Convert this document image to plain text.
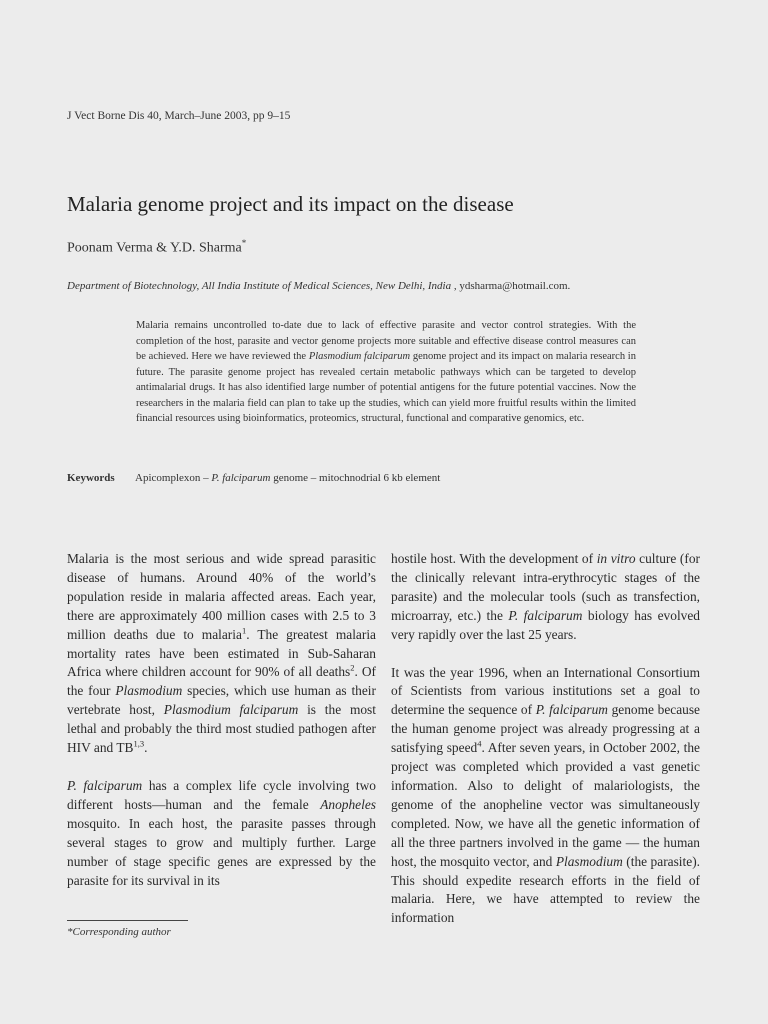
J Vect Borne Dis 40, March–June 2003, pp 9–15
Malaria genome project and its impact on the disease
Poonam Verma & Y.D. Sharma*
Department of Biotechnology, All India Institute of Medical Sciences, New Delhi, India , ydsharma@hotmail.com.
Malaria remains uncontrolled to-date due to lack of effective parasite and vector control strategies. With the completion of the host, parasite and vector genome projects more suitable and effective disease control measures can be achieved. Here we have reviewed the Plasmodium falciparum genome project and its impact on malaria research in future. The parasite genome project has revealed certain metabolic pathways which can be targeted to develop antimalarial drugs. It has also identified large number of potential antigens for the future potential vaccines. Now the researchers in the malaria field can plan to take up the studies, which can yield more fruitful results within the limited financial resources using bioinformatics, proteomics, structural, functional and comparative genomics, etc.
Keywords Apicomplexon – P. falciparum genome – mitochnodrial 6 kb element

Malaria is the most serious and wide spread parasitic disease of humans. Around 40% of the world’s population reside in malaria affected areas. Each year, there are approximately 400 million cases with 2.5 to 3 million deaths due to malaria$^1$. The greatest malaria mortality rates have been estimated in Sub-Saharan Africa where children account for 90% of all deaths$^2$. Of the four Plasmodium species, which use human as their vertebrate host, Plasmodium falciparum is the most lethal and probably the third most studied pathogen after HIV and TB$^{1,3}$.

P. falciparum has a complex life cycle involving two different hosts—human and the female Anopheles mosquito. In each host, the parasite passes through several stages to grow and multiply further. Large number of stage specific genes are expressed by the parasite for its survival in its

hostile host. With the development of in vitro culture (for the clinically relevant intra-erythrocytic stages of the parasite) and the molecular tools (such as transfection, microarray, etc.) the P. falciparum biology has evolved very rapidly over the last 25 years.

It was the year 1996, when an International Consortium of Scientists from various institutions set a goal to determine the sequence of P. falciparum genome because the human genome project was already progressing at a satisfying speed$^4$. After seven years, in October 2002, the project was completed which provided a vast genetic information. Also to delight of malariologists, the genome of the anopheline vector was simultaneously completed. Now, we have all the genetic information of all the three partners involved in the game — the human host, the mosquito vector, and Plasmodium (the parasite). This should expedite research efforts in the field of malaria. Here, we have attempted to review the information

*Corresponding author
